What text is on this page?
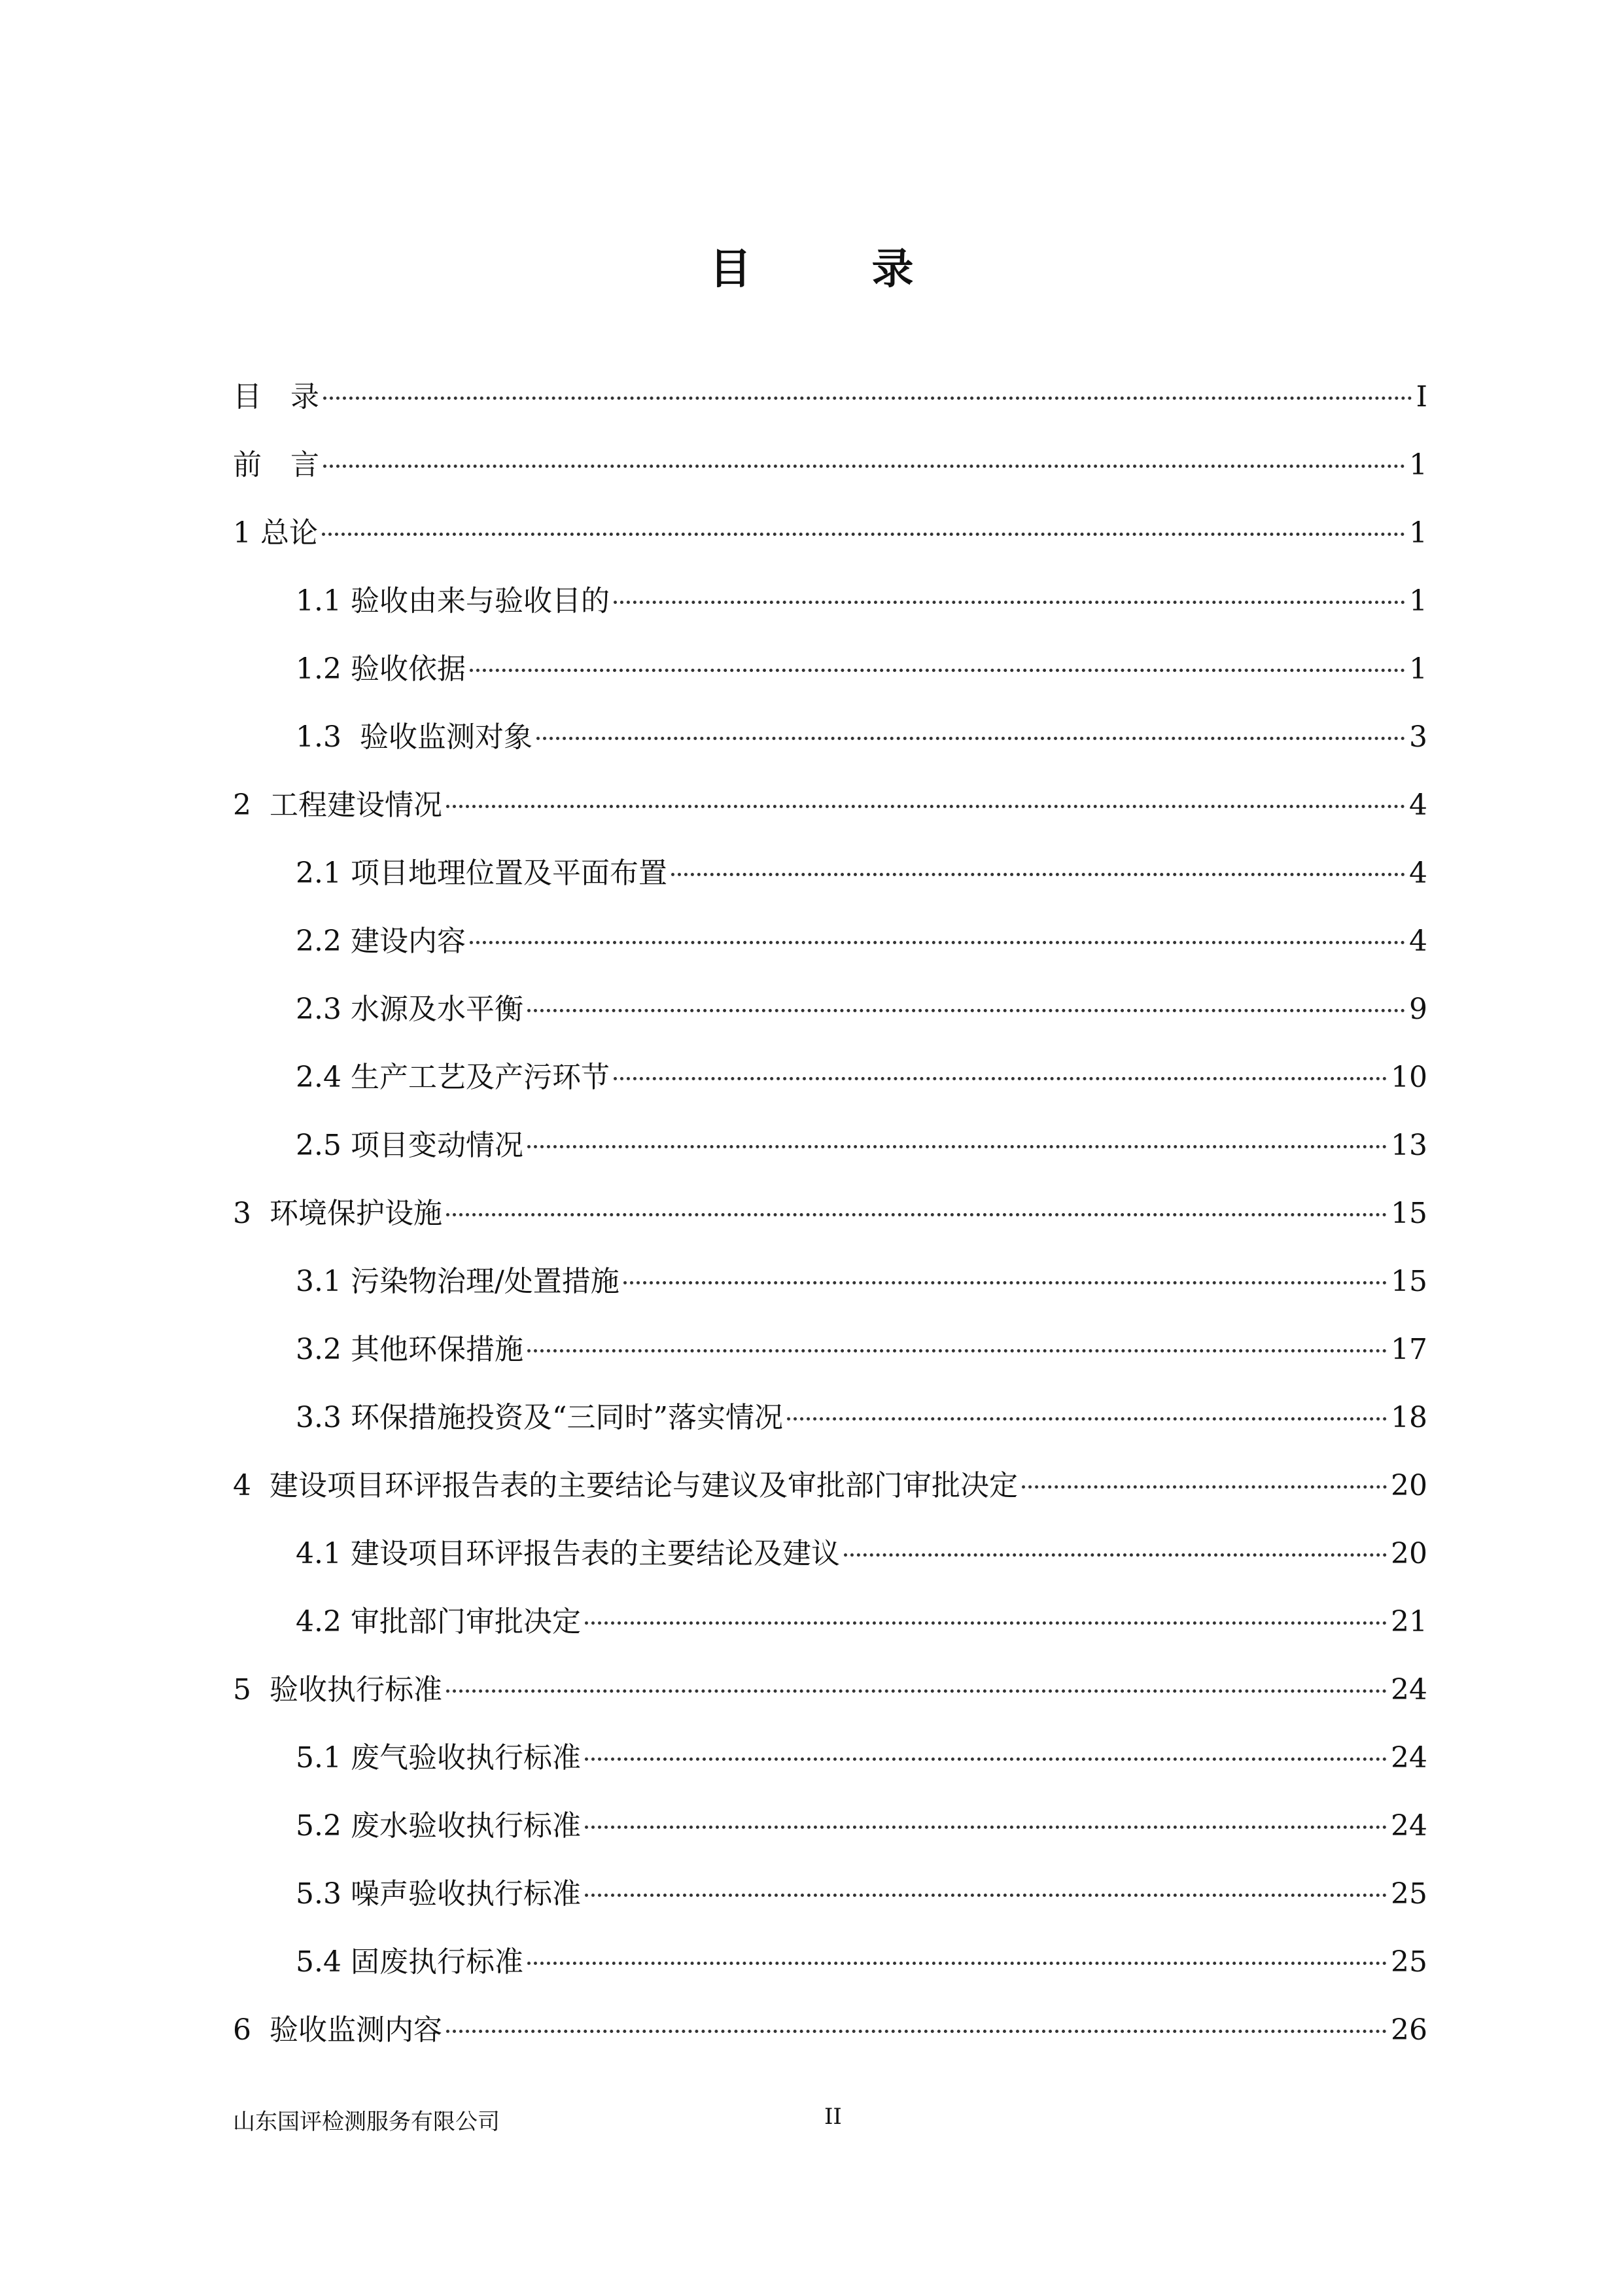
目　录
目　录	I
前　言	1
1 总论	1
1.1 验收由来与验收目的	1
1.2 验收依据	1
1.3  验收监测对象	3
2  工程建设情况	4
2.1 项目地理位置及平面布置	4
2.2 建设内容	4
2.3 水源及水平衡	9
2.4 生产工艺及产污环节	10
2.5 项目变动情况	13
3  环境保护设施	15
3.1 污染物治理/处置措施	15
3.2 其他环保措施	17
3.3 环保措施投资及“三同时”落实情况	18
4  建设项目环评报告表的主要结论与建议及审批部门审批决定	20
4.1 建设项目环评报告表的主要结论及建议	20
4.2 审批部门审批决定	21
5  验收执行标准	24
5.1 废气验收执行标准	24
5.2 废水验收执行标准	24
5.3 噪声验收执行标准	25
5.4 固废执行标准	25
6  验收监测内容	26
山东国评检测服务有限公司	II
